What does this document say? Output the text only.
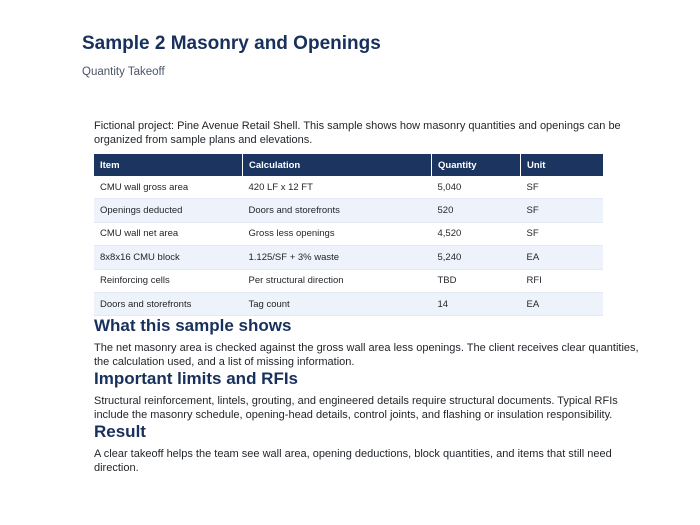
Sample 2 Masonry and Openings
Quantity Takeoff

Fictional project: Pine Avenue Retail Shell. This sample shows how masonry quantities and openings can be organized from sample plans and elevations.

Item	Calculation	Quantity	Unit
CMU wall gross area	420 LF x 12 FT	5,040	SF
Openings deducted	Doors and storefronts	520	SF
CMU wall net area	Gross less openings	4,520	SF
8x8x16 CMU block	1.125/SF + 3% waste	5,240	EA
Reinforcing cells	Per structural direction	TBD	RFI
Doors and storefronts	Tag count	14	EA
What this sample shows

The net masonry area is checked against the gross wall area less openings. The client receives clear quantities, the calculation used, and a list of missing information.

Important limits and RFIs

Structural reinforcement, lintels, grouting, and engineered details require structural documents. Typical RFIs include the masonry schedule, opening-head details, control joints, and flashing or insulation responsibility.

Result

A clear takeoff helps the team see wall area, opening deductions, block quantities, and items that still need direction.
